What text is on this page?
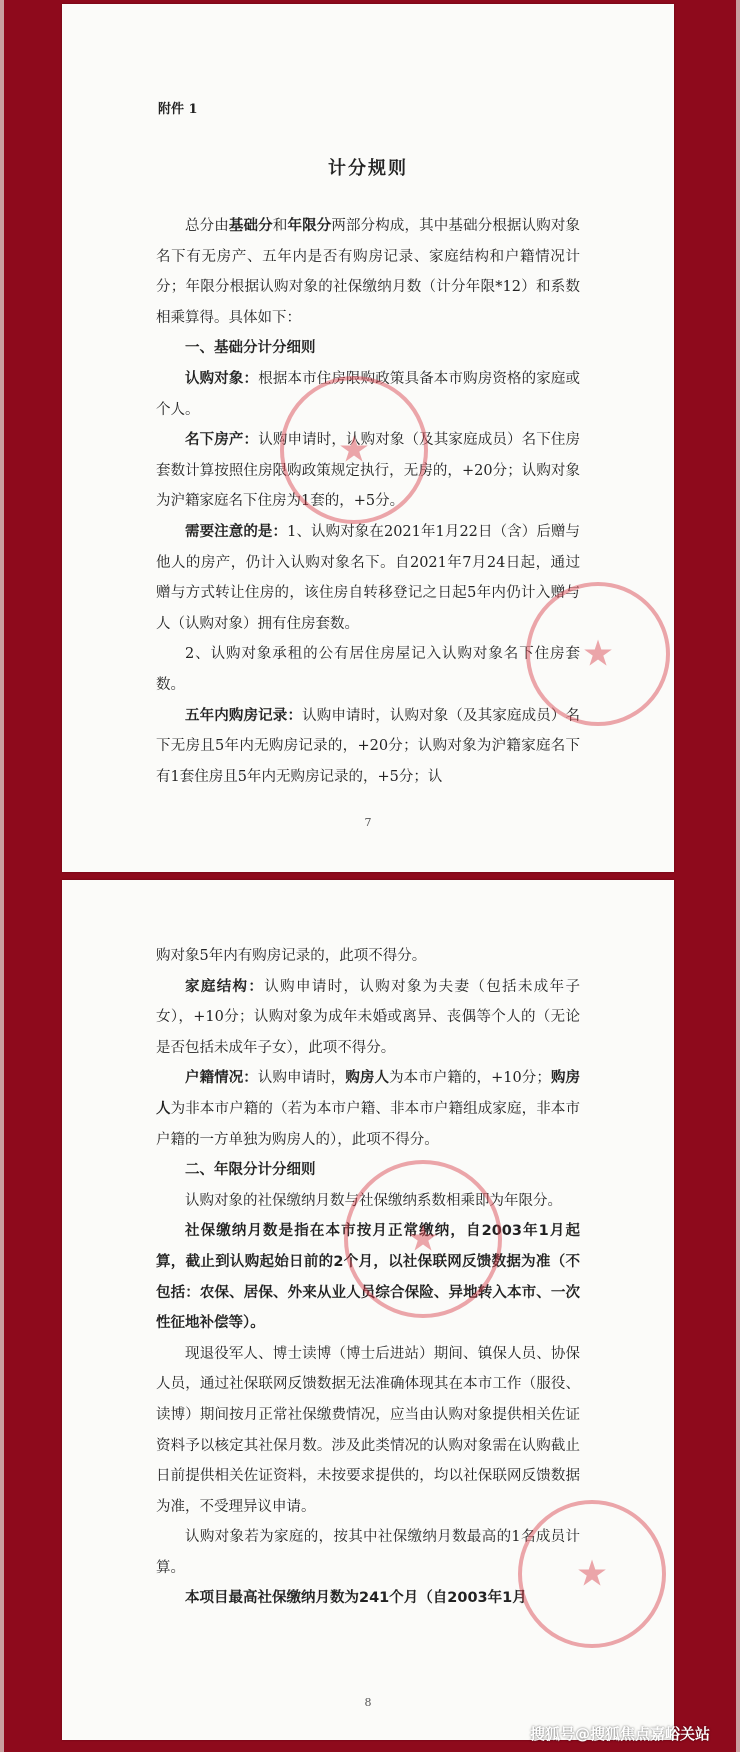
附件 1
计分规则

总分由基础分和年限分两部分构成，其中基础分根据认购对象名下有无房产、五年内是否有购房记录、家庭结构和户籍情况计分；年限分根据认购对象的社保缴纳月数（计分年限*12）和系数相乘算得。具体如下：

一、基础分计分细则

认购对象：根据本市住房限购政策具备本市购房资格的家庭或个人。

名下房产：认购申请时，认购对象（及其家庭成员）名下住房套数计算按照住房限购政策规定执行，无房的，+20分；认购对象为沪籍家庭名下住房为1套的，+5分。

需要注意的是：1、认购对象在2021年1月22日（含）后赠与他人的房产，仍计入认购对象名下。自2021年7月24日起，通过赠与方式转让住房的，该住房自转移登记之日起5年内仍计入赠与人（认购对象）拥有住房套数。

2、认购对象承租的公有居住房屋记入认购对象名下住房套数。

五年内购房记录：认购申请时，认购对象（及其家庭成员）名下无房且5年内无购房记录的，+20分；认购对象为沪籍家庭名下有1套住房且5年内无购房记录的，+5分；认

★
★
7

购对象5年内有购房记录的，此项不得分。

家庭结构：认购申请时，认购对象为夫妻（包括未成年子女），+10分；认购对象为成年未婚或离异、丧偶等个人的（无论是否包括未成年子女），此项不得分。

户籍情况：认购申请时，购房人为本市户籍的，+10分；购房人为非本市户籍的（若为本市户籍、非本市户籍组成家庭，非本市户籍的一方单独为购房人的），此项不得分。

二、年限分计分细则

认购对象的社保缴纳月数与社保缴纳系数相乘即为年限分。

社保缴纳月数是指在本市按月正常缴纳，自2003年1月起算，截止到认购起始日前的2个月，以社保联网反馈数据为准（不包括：农保、居保、外来从业人员综合保险、异地转入本市、一次性征地补偿等）。

现退役军人、博士读博（博士后进站）期间、镇保人员、协保人员，通过社保联网反馈数据无法准确体现其在本市工作（服役、读博）期间按月正常社保缴费情况，应当由认购对象提供相关佐证资料予以核定其社保月数。涉及此类情况的认购对象需在认购截止日前提供相关佐证资料，未按要求提供的，均以社保联网反馈数据为准，不受理异议申请。

认购对象若为家庭的，按其中社保缴纳月数最高的1名成员计算。

本项目最高社保缴纳月数为241个月（自2003年1月

★
★
8
搜狐号@搜狐焦点嘉峪关站
